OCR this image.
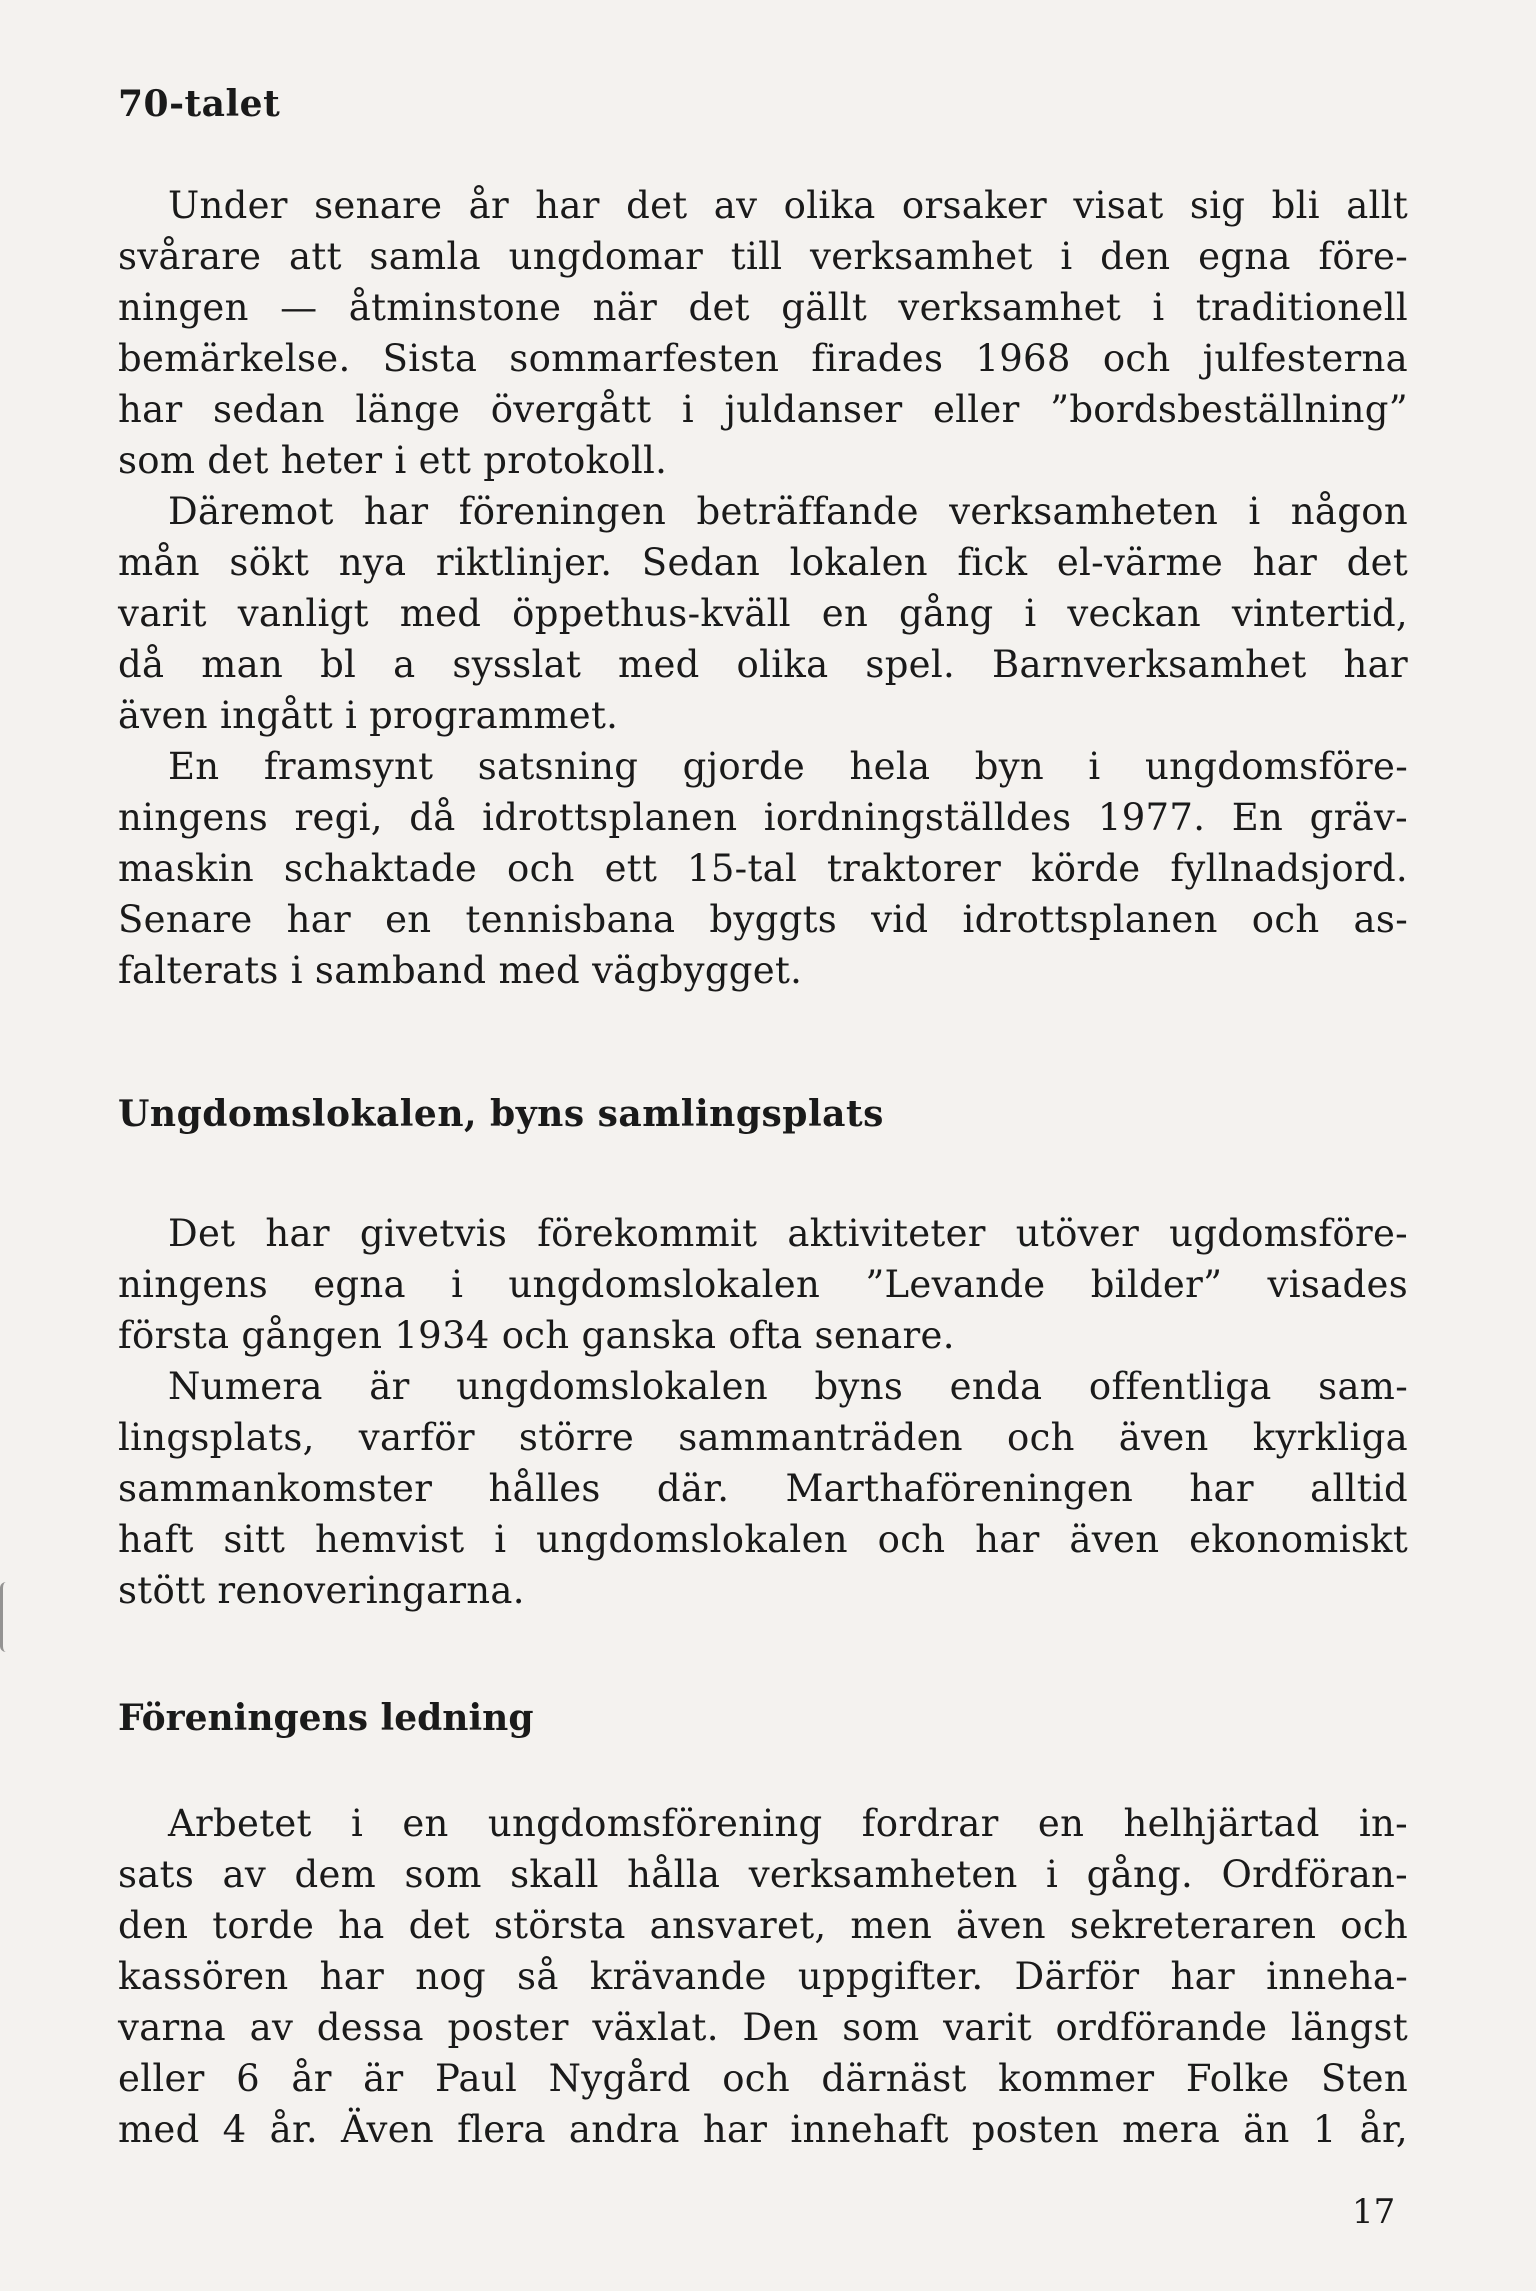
70-talet
Under senare år har det av olika orsaker visat sig bli allt
svårare att samla ungdomar till verksamhet i den egna före-
ningen — åtminstone när det gällt verksamhet i traditionell
bemärkelse. Sista sommarfesten firades 1968 och julfesterna
har sedan länge övergått i juldanser eller ”bordsbeställning”
som det heter i ett protokoll.
Däremot har föreningen beträffande verksamheten i någon
mån sökt nya riktlinjer. Sedan lokalen fick el-värme har det
varit vanligt med öppethus-kväll en gång i veckan vintertid,
då man bl a sysslat med olika spel. Barnverksamhet har
även ingått i programmet.
En framsynt satsning gjorde hela byn i ungdomsföre-
ningens regi, då idrottsplanen iordningställdes 1977. En gräv-
maskin schaktade och ett 15-tal traktorer körde fyllnadsjord.
Senare har en tennisbana byggts vid idrottsplanen och as-
falterats i samband med vägbygget.
Ungdomslokalen, byns samlingsplats
Det har givetvis förekommit aktiviteter utöver ugdomsföre-
ningens egna i ungdomslokalen ”Levande bilder” visades
första gången 1934 och ganska ofta senare.
Numera är ungdomslokalen byns enda offentliga sam-
lingsplats, varför större sammanträden och även kyrkliga
sammankomster hålles där. Marthaföreningen har alltid
haft sitt hemvist i ungdomslokalen och har även ekonomiskt
stött renoveringarna.
Föreningens ledning
Arbetet i en ungdomsförening fordrar en helhjärtad in-
sats av dem som skall hålla verksamheten i gång. Ordföran-
den torde ha det största ansvaret, men även sekreteraren och
kassören har nog så krävande uppgifter. Därför har inneha-
varna av dessa poster växlat. Den som varit ordförande längst
eller 6 år är Paul Nygård och därnäst kommer Folke Sten
med 4 år. Även flera andra har innehaft posten mera än 1 år,
17
